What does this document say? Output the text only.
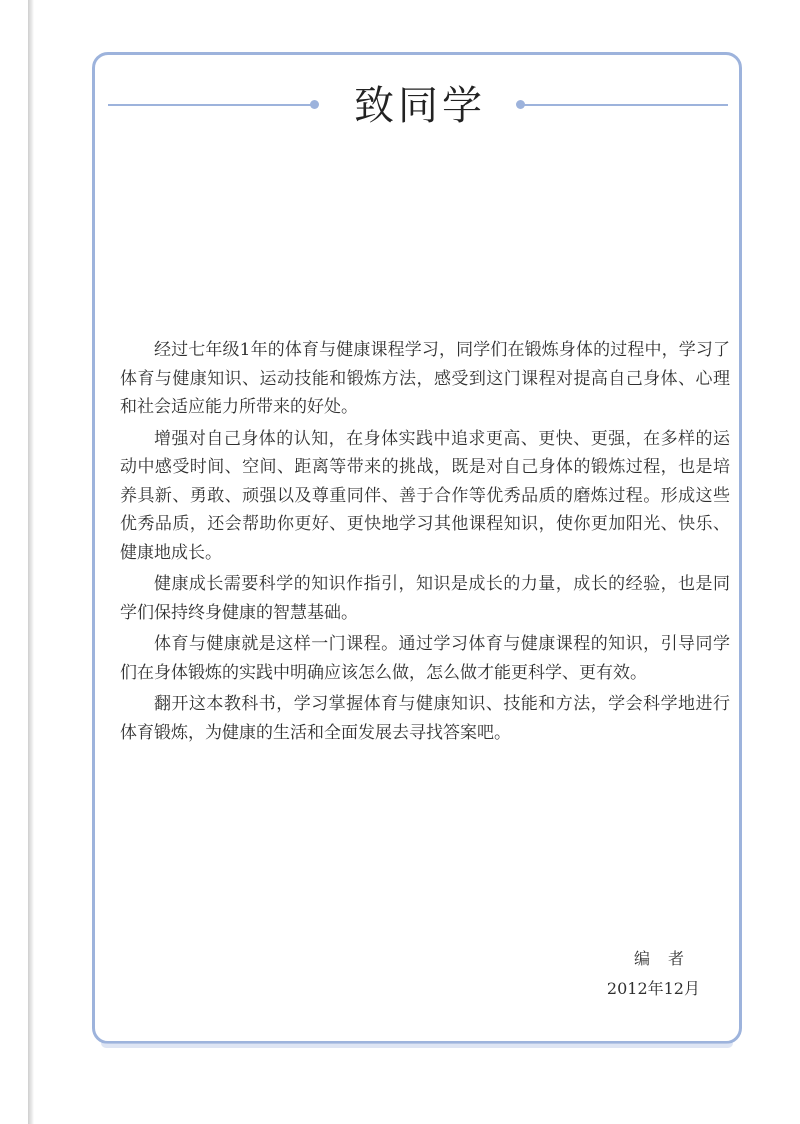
致同学

经过七年级1年的体育与健康课程学习，同学们在锻炼身体的过程中，学习了体育与健康知识、运动技能和锻炼方法，感受到这门课程对提高自己身体、心理和社会适应能力所带来的好处。

增强对自己身体的认知，在身体实践中追求更高、更快、更强，在多样的运动中感受时间、空间、距离等带来的挑战，既是对自己身体的锻炼过程，也是培养具新、勇敢、顽强以及尊重同伴、善于合作等优秀品质的磨炼过程。形成这些优秀品质，还会帮助你更好、更快地学习其他课程知识，使你更加阳光、快乐、健康地成长。

健康成长需要科学的知识作指引，知识是成长的力量，成长的经验，也是同学们保持终身健康的智慧基础。

体育与健康就是这样一门课程。通过学习体育与健康课程的知识，引导同学们在身体锻炼的实践中明确应该怎么做，怎么做才能更科学、更有效。

翻开这本教科书，学习掌握体育与健康知识、技能和方法，学会科学地进行体育锻炼，为健康的生活和全面发展去寻找答案吧。

编者
2012年12月
